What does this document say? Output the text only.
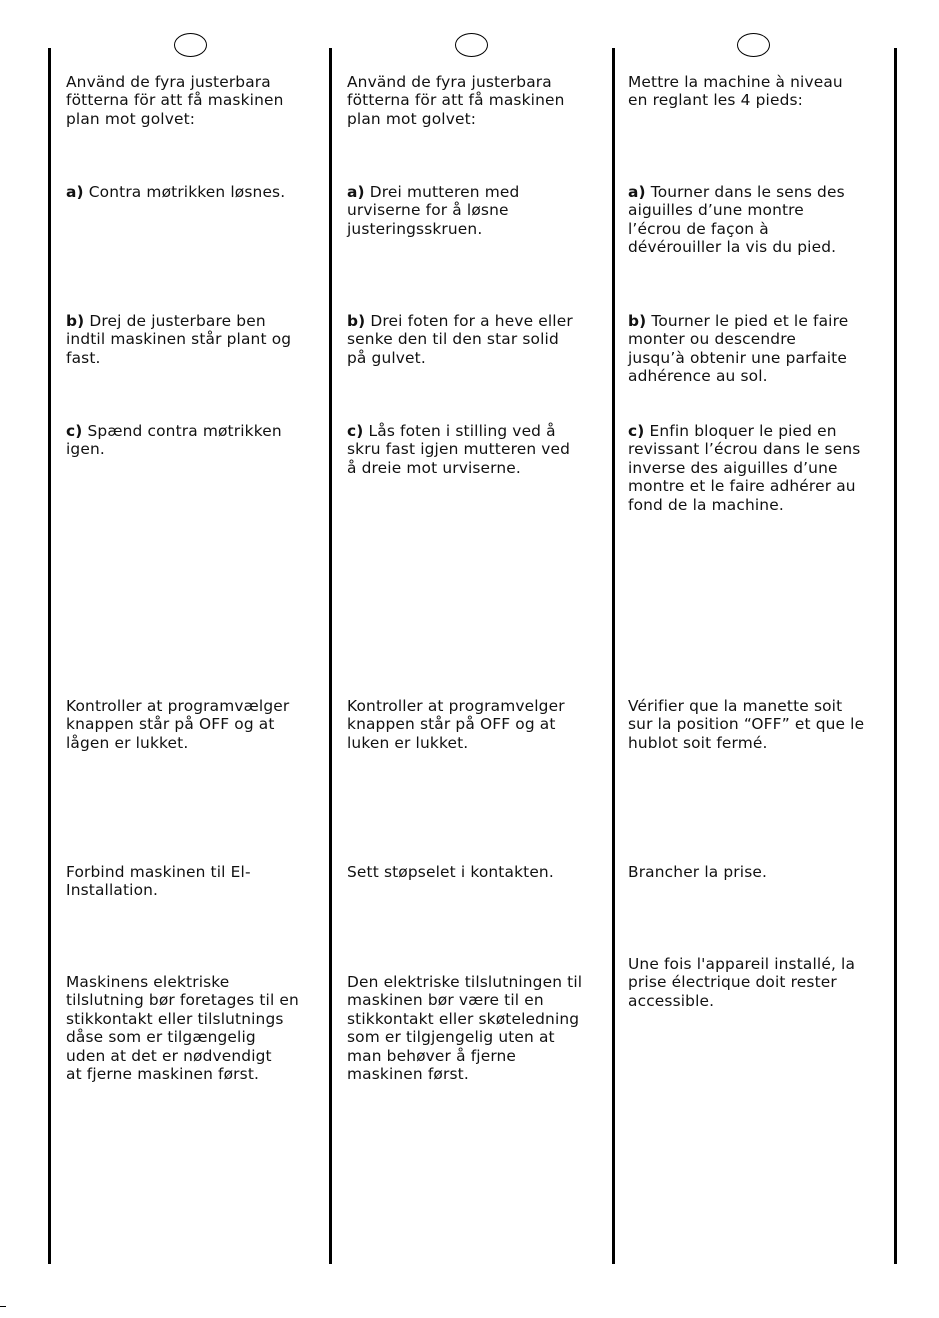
Använd de fyra justerbara
fötterna för att få maskinen
plan mot golvet:
a) Contra møtrikken løsnes.
b) Drej de justerbare ben
indtil maskinen står plant og
fast.
c) Spænd contra møtrikken
igen.
Kontroller at programvælger
knappen står på OFF og at
lågen er lukket.
Forbind maskinen til El-
Installation.
Maskinens elektriske
tilslutning bør foretages til en
stikkontakt eller tilslutnings
dåse som er tilgængelig
uden at det er nødvendigt
at fjerne maskinen først.
Använd de fyra justerbara
fötterna för att få maskinen
plan mot golvet:
a) Drei mutteren med
urviserne for å løsne
justeringsskruen.
b) Drei foten for a heve eller
senke den til den star solid
på gulvet.
c) Lås foten i stilling ved å
skru fast igjen mutteren ved
å dreie mot urviserne.
Kontroller at programvelger
knappen står på OFF og at
luken er lukket.
Sett støpselet i kontakten.
Den elektriske tilslutningen til
maskinen bør være til en
stikkontakt eller skøteledning
som er tilgjengelig uten at
man behøver å fjerne
maskinen først.
Mettre la machine à niveau
en reglant les 4 pieds:
a) Tourner dans le sens des
aiguilles d’une montre
l’écrou de façon à
dévérouiller la vis du pied.
b) Tourner le pied et le faire
monter ou descendre
jusqu’à obtenir une parfaite
adhérence au sol.
c) Enfin bloquer le pied en
revissant l’écrou dans le sens
inverse des aiguilles d’une
montre et le faire adhérer au
fond de la machine.
Vérifier que la manette soit
sur la position “OFF” et que le
hublot soit fermé.
Brancher la prise.
Une fois l'appareil installé, la
prise électrique doit rester
accessible.
